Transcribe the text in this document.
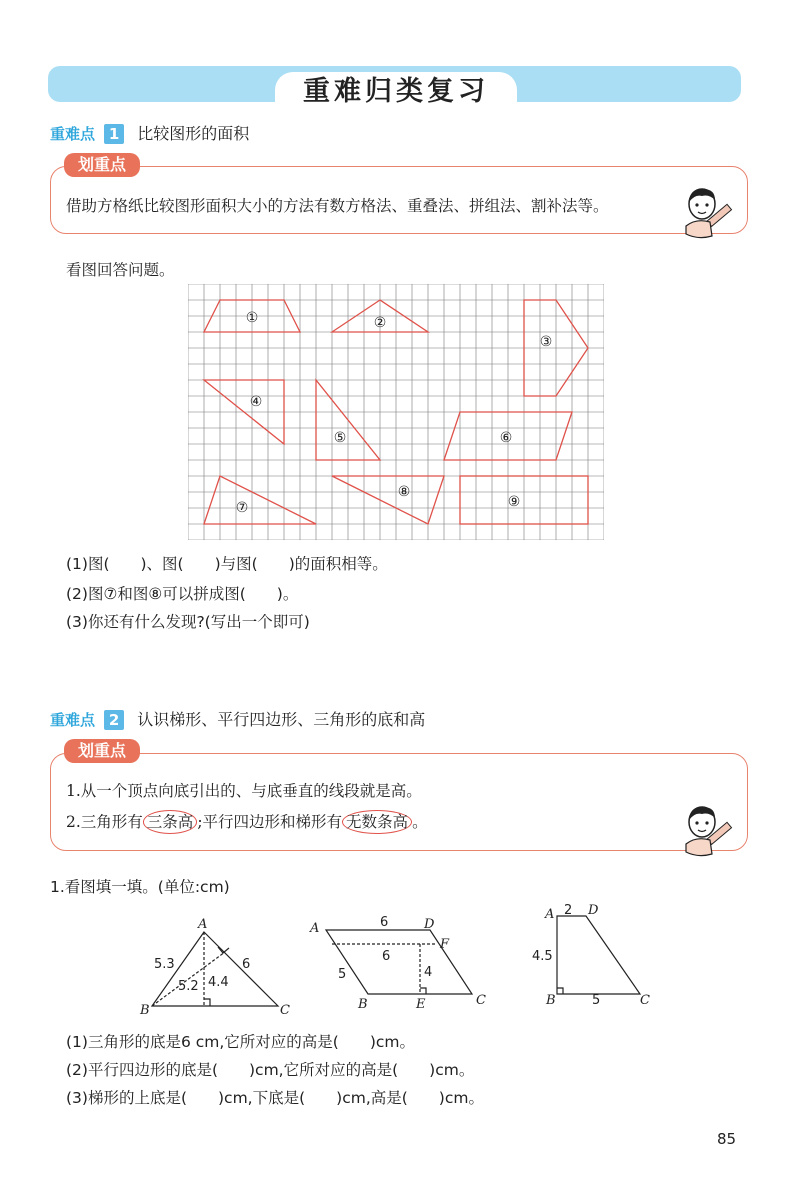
重难归类复习
重难点 1 比较图形的面积
划重点
借助方格纸比较图形面积大小的方法有数方格法、重叠法、拼组法、割补法等。
看图回答问题。
①	②
③
④
⑤	⑥
⑦
⑧
⑨
(1)图(　　)、图(　　)与图(　　)的面积相等。
(2)图⑦和图⑧可以拼成图(　　)。
(3)你还有什么发现?(写出一个即可)
重难点 2 认识梯形、平行四边形、三角形的底和高
划重点
1.从一个顶点向底引出的、与底垂直的线段就是高。
2.三角形有 三条高 ;平行四边形和梯形有 无数条高 。
1.看图填一填。(单位:cm)
A
B	C
5.3	6
5.2 4.4
A	D
F
B	E	C
6
6
5	4
A	D
B	C
2
4.5
5
(1)三角形的底是6 cm,它所对应的高是(　　)cm。
(2)平行四边形的底是(　　)cm,它所对应的高是(　　)cm。
(3)梯形的上底是(　　)cm,下底是(　　)cm,高是(　　)cm。
85
